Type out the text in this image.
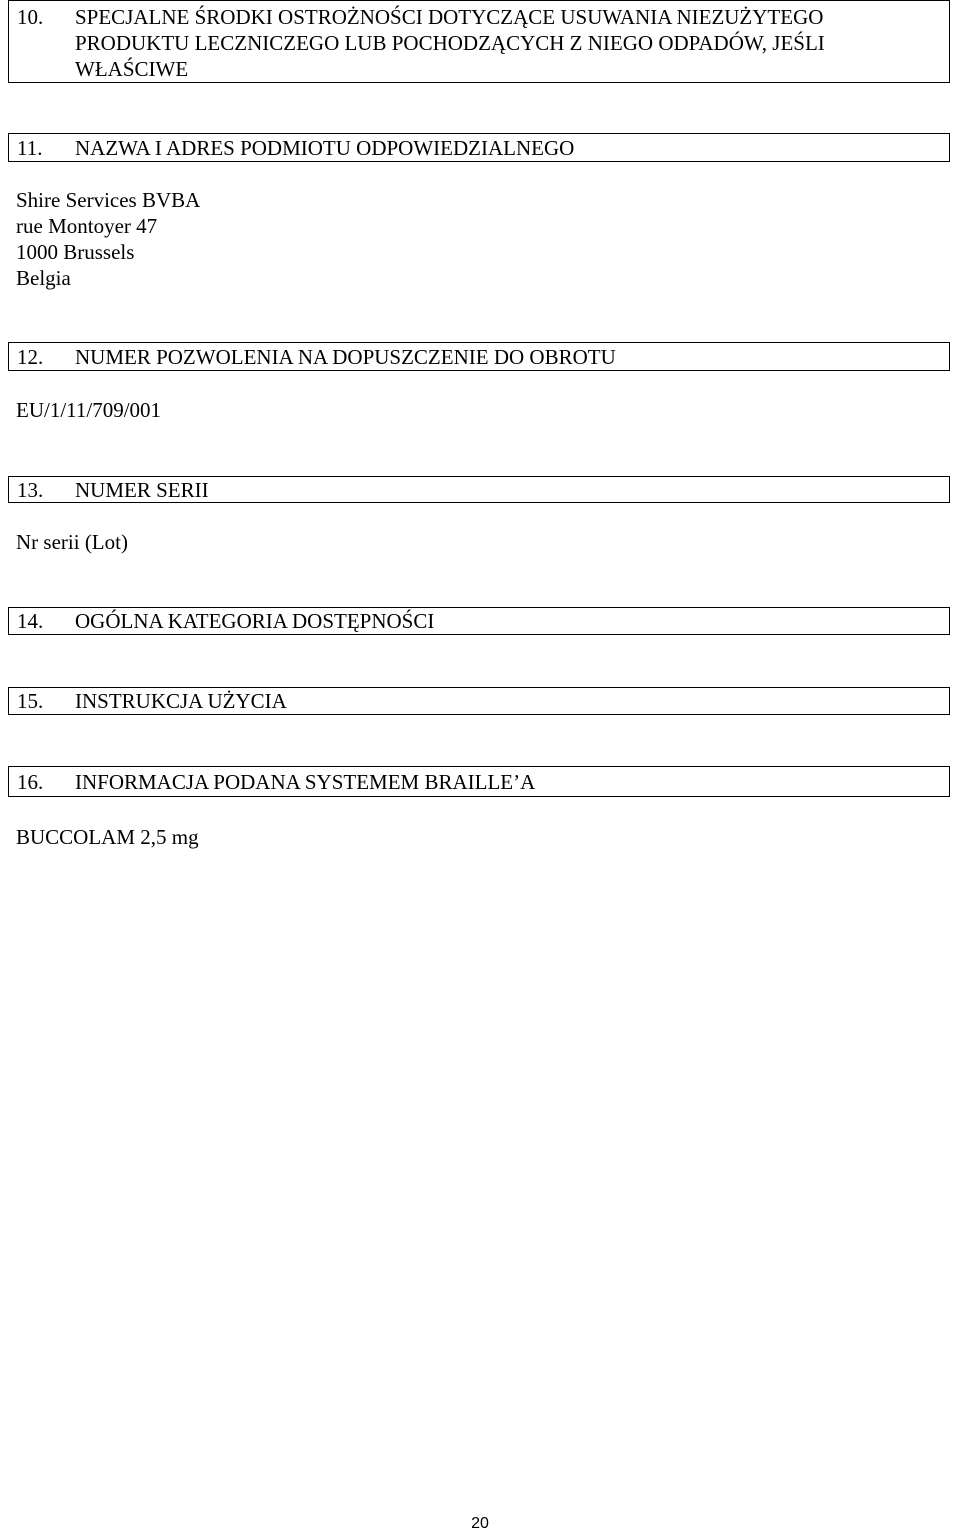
10. SPECJALNE ŚRODKI OSTROŻNOŚCI DOTYCZĄCE USUWANIA NIEZUŻYTEGO
PRODUKTU LECZNICZEGO LUB POCHODZĄCYCH Z NIEGO ODPADÓW, JEŚLI
WŁAŚCIWE
11. NAZWA I ADRES PODMIOTU ODPOWIEDZIALNEGO
Shire Services BVBA
rue Montoyer 47
1000 Brussels
Belgia
12. NUMER POZWOLENIA NA DOPUSZCZENIE DO OBROTU
EU/1/11/709/001
13. NUMER SERII
Nr serii (Lot)
14. OGÓLNA KATEGORIA DOSTĘPNOŚCI
15. INSTRUKCJA UŻYCIA
16. INFORMACJA PODANA SYSTEMEM BRAILLE’A
BUCCOLAM 2,5 mg
20
